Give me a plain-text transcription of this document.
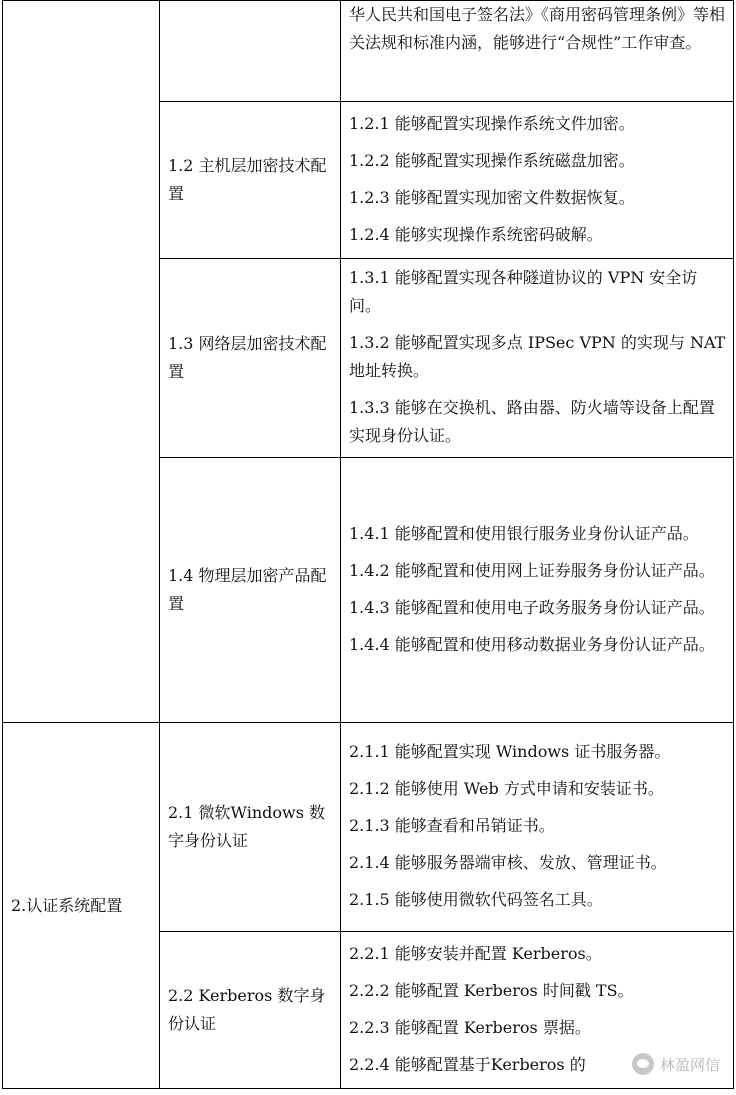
		华人民共和国电子签名法》《商用密码管理条例》等相关法规和标准内涵，能够进行“合规性”工作审查。

	1.2 主机层加密技术配置	1.2.1 能够配置实现操作系统文件加密。
1.2.2 能够配置实现操作系统磁盘加密。
1.2.3 能够配置实现加密文件数据恢复。
1.2.4 能够实现操作系统密码破解。

	1.3 网络层加密技术配置	1.3.1 能够配置实现各种隧道协议的 VPN 安全访问。
1.3.2 能够配置实现多点 IPSec VPN 的实现与 NAT 地址转换。
1.3.3 能够在交换机、路由器、防火墙等设备上配置实现身份认证。

	1.4 物理层加密产品配置	1.4.1 能够配置和使用银行服务业身份认证产品。
1.4.2 能够配置和使用网上证券服务身份认证产品。
1.4.3 能够配置和使用电子政务服务身份认证产品。
1.4.4 能够配置和使用移动数据业务身份认证产品。

2.认证系统配置	2.1 微软Windows 数字身份认证	2.1.1 能够配置实现 Windows 证书服务器。
2.1.2 能够使用 Web 方式申请和安装证书。
2.1.3 能够查看和吊销证书。
2.1.4 能够服务器端审核、发放、管理证书。
2.1.5 能够使用微软代码签名工具。

	2.2 Kerberos 数字身份认证	2.2.1 能够安装并配置 Kerberos。
2.2.2 能够配置 Kerberos 时间戳 TS。
2.2.3 能够配置 Kerberos 票据。
2.2.4 能够配置基于Kerberos 的	林盈网信
